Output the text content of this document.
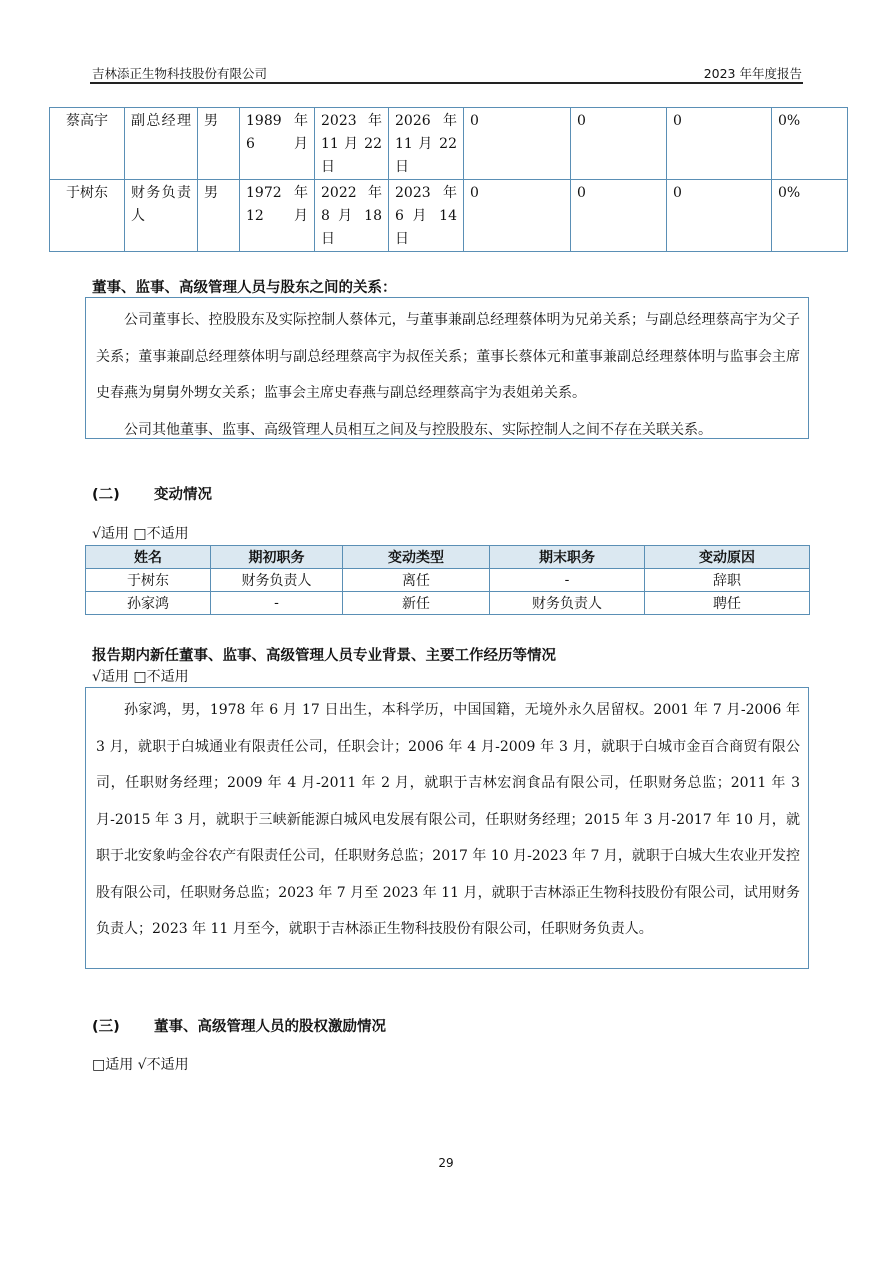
吉林添正生物科技股份有限公司	2023 年年度报告
蔡高宇	副总经理	男	1989 年 6 月	2023 年 11 月 22 日	2026 年 11 月 22 日	0	0	0	0%
于树东	财务负责人	男	1972 年 12 月	2022 年 8 月 18 日	2023 年 6 月 14 日	0	0	0	0%
董事、监事、高级管理人员与股东之间的关系：

公司董事长、控股股东及实际控制人蔡体元，与董事兼副总经理蔡体明为兄弟关系；与副总经理蔡高宇为父子关系；董事兼副总经理蔡体明与副总经理蔡高宇为叔侄关系；董事长蔡体元和董事兼副总经理蔡体明与监事会主席史春燕为舅舅外甥女关系；监事会主席史春燕与副总经理蔡高宇为表姐弟关系。

公司其他董事、监事、高级管理人员相互之间及与控股股东、实际控制人之间不存在关联关系。

(二) 变动情况
√适用 □不适用
姓名	期初职务	变动类型	期末职务	变动原因
于树东	财务负责人	离任	-	辞职
孙家鸿	-	新任	财务负责人	聘任
报告期内新任董事、监事、高级管理人员专业背景、主要工作经历等情况
√适用 □不适用

孙家鸿，男，1978 年 6 月 17 日出生，本科学历，中国国籍，无境外永久居留权。2001 年 7 月-2006 年 3 月，就职于白城通业有限责任公司，任职会计；2006 年 4 月-2009 年 3 月，就职于白城市金百合商贸有限公司，任职财务经理；2009 年 4 月-2011 年 2 月，就职于吉林宏润食品有限公司，任职财务总监；2011 年 3 月-2015 年 3 月，就职于三峡新能源白城风电发展有限公司，任职财务经理；2015 年 3 月-2017 年 10 月，就职于北安象屿金谷农产有限责任公司，任职财务总监；2017 年 10 月-2023 年 7 月，就职于白城大生农业开发控股有限公司，任职财务总监；2023 年 7 月至 2023 年 11 月，就职于吉林添正生物科技股份有限公司，试用财务负责人；2023 年 11 月至今，就职于吉林添正生物科技股份有限公司，任职财务负责人。

(三) 董事、高级管理人员的股权激励情况
□适用 √不适用
29
